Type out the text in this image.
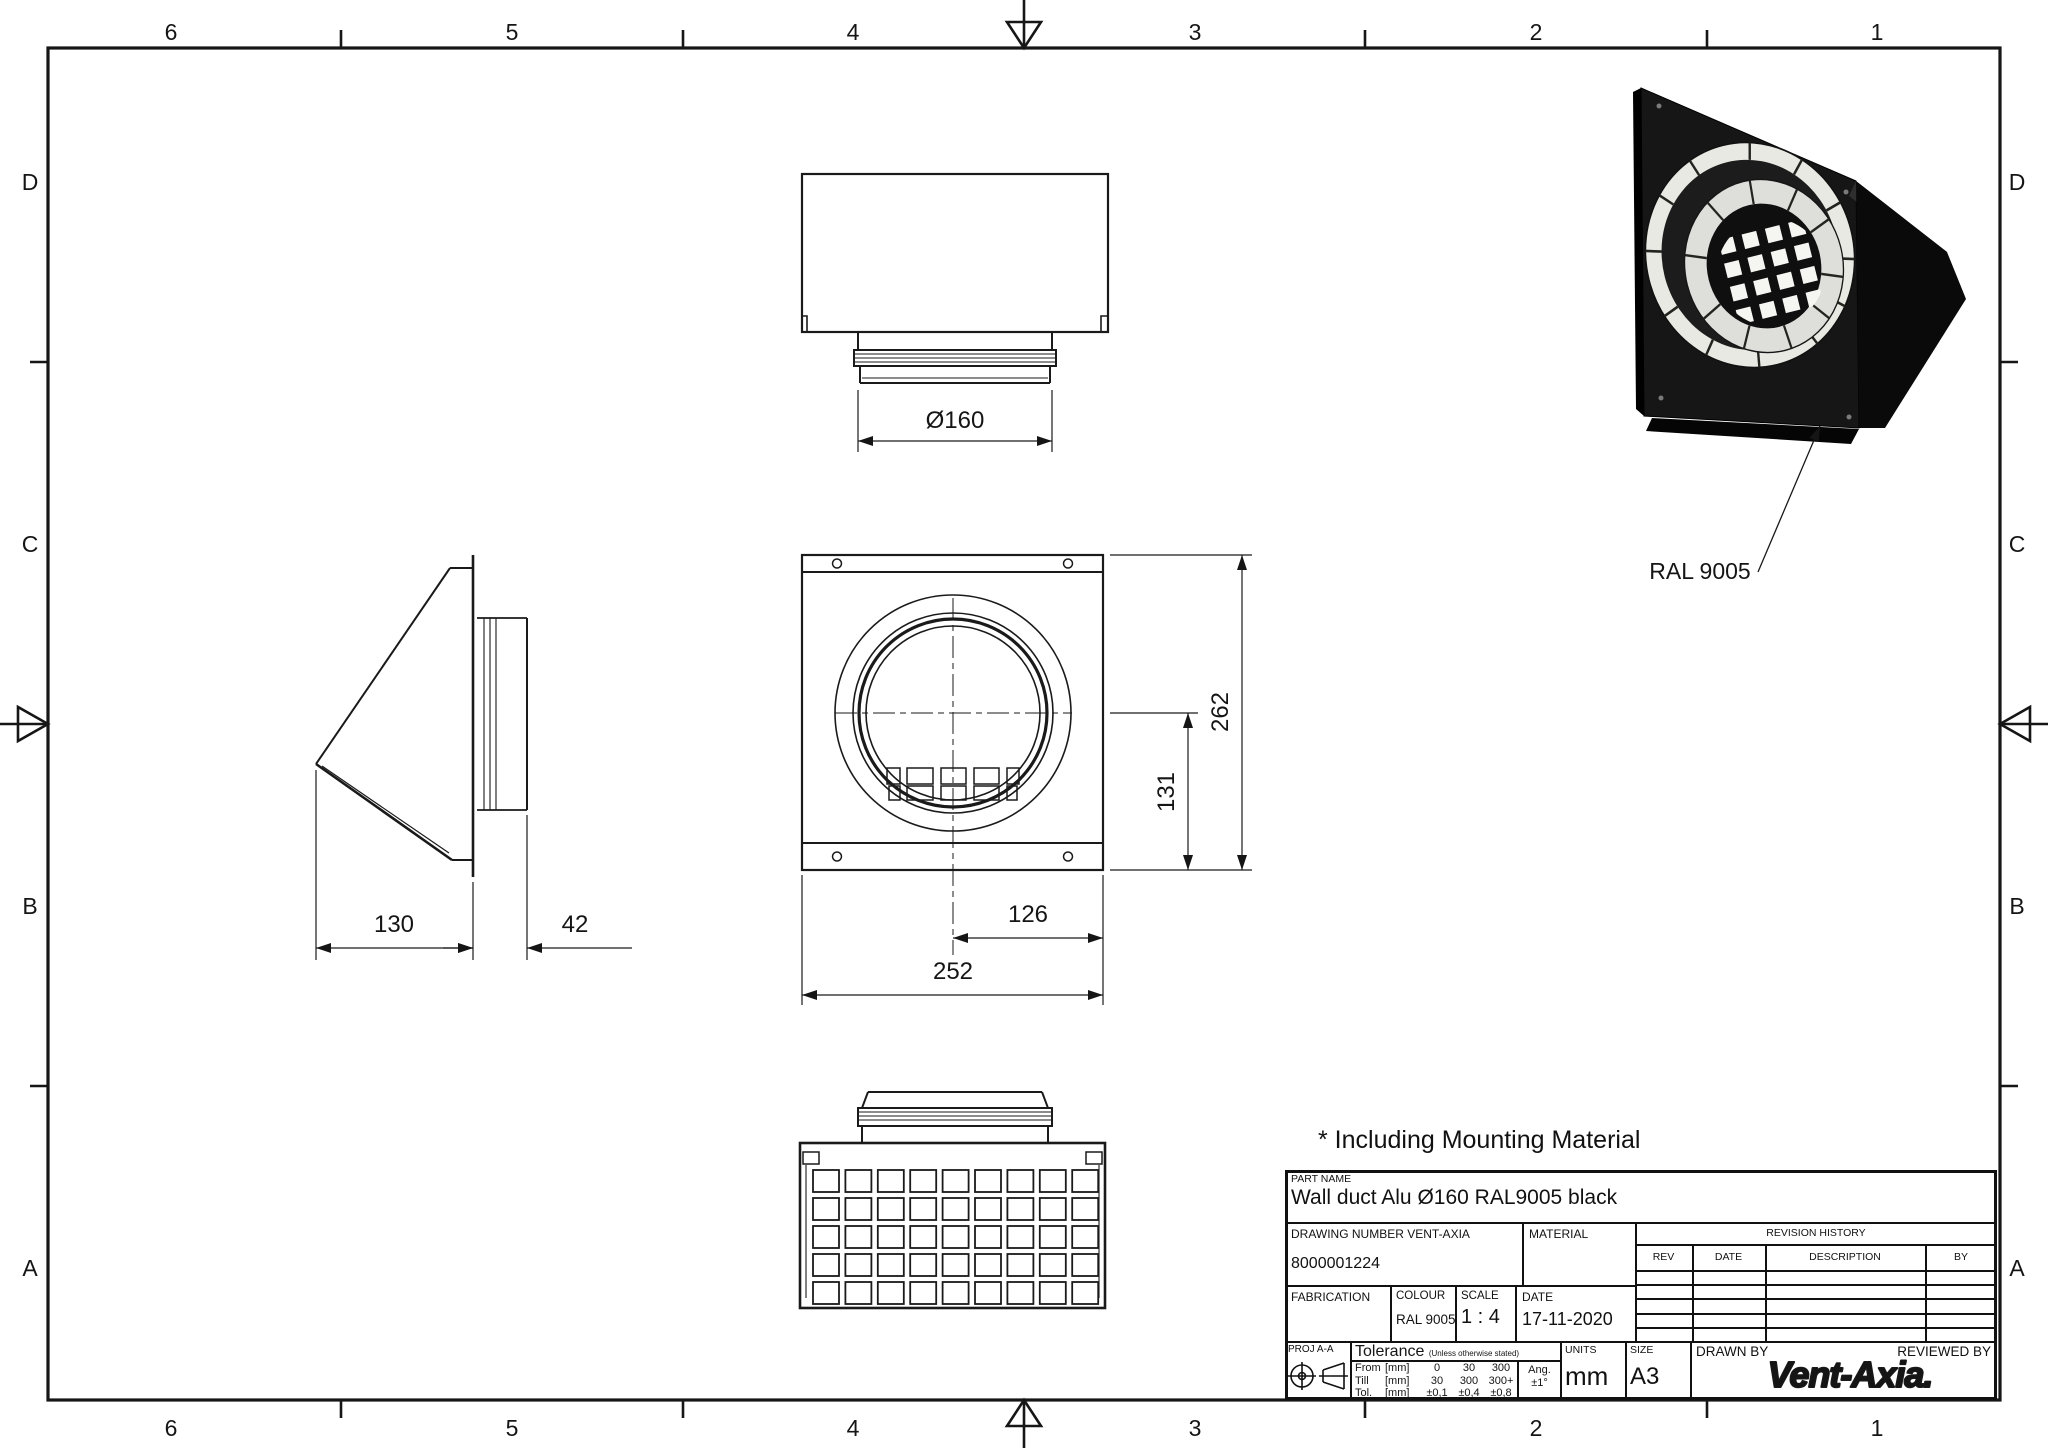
6	5	4	3	2	1
6	5	4	3	2	1
D
C
B
A
D
C
B
A
Ø160
130	42
262
131
126
252
RAL 9005
* Including Mounting Material
PART NAME
Wall duct Alu Ø160 RAL9005 black
DRAWING NUMBER VENT-AXIA
8000001224
MATERIAL	REVISION HISTORY
REV	DATE	DESCRIPTION	BY
FABRICATION COLOUR
RAL 9005
SCALE
1 : 4
DATE
17-11-2020
PROJ A-A Tolerance (Unless otherwise stated)
From [mm] 0 30 300
Till [mm] 30 300 300+
Tol. [mm] ±0,1 ±0,4 ±0,8
Ang.
±1°
UNITS
mm
SIZE
A3
DRAWN BY	REVIEWED BY
Vent-Axia.
